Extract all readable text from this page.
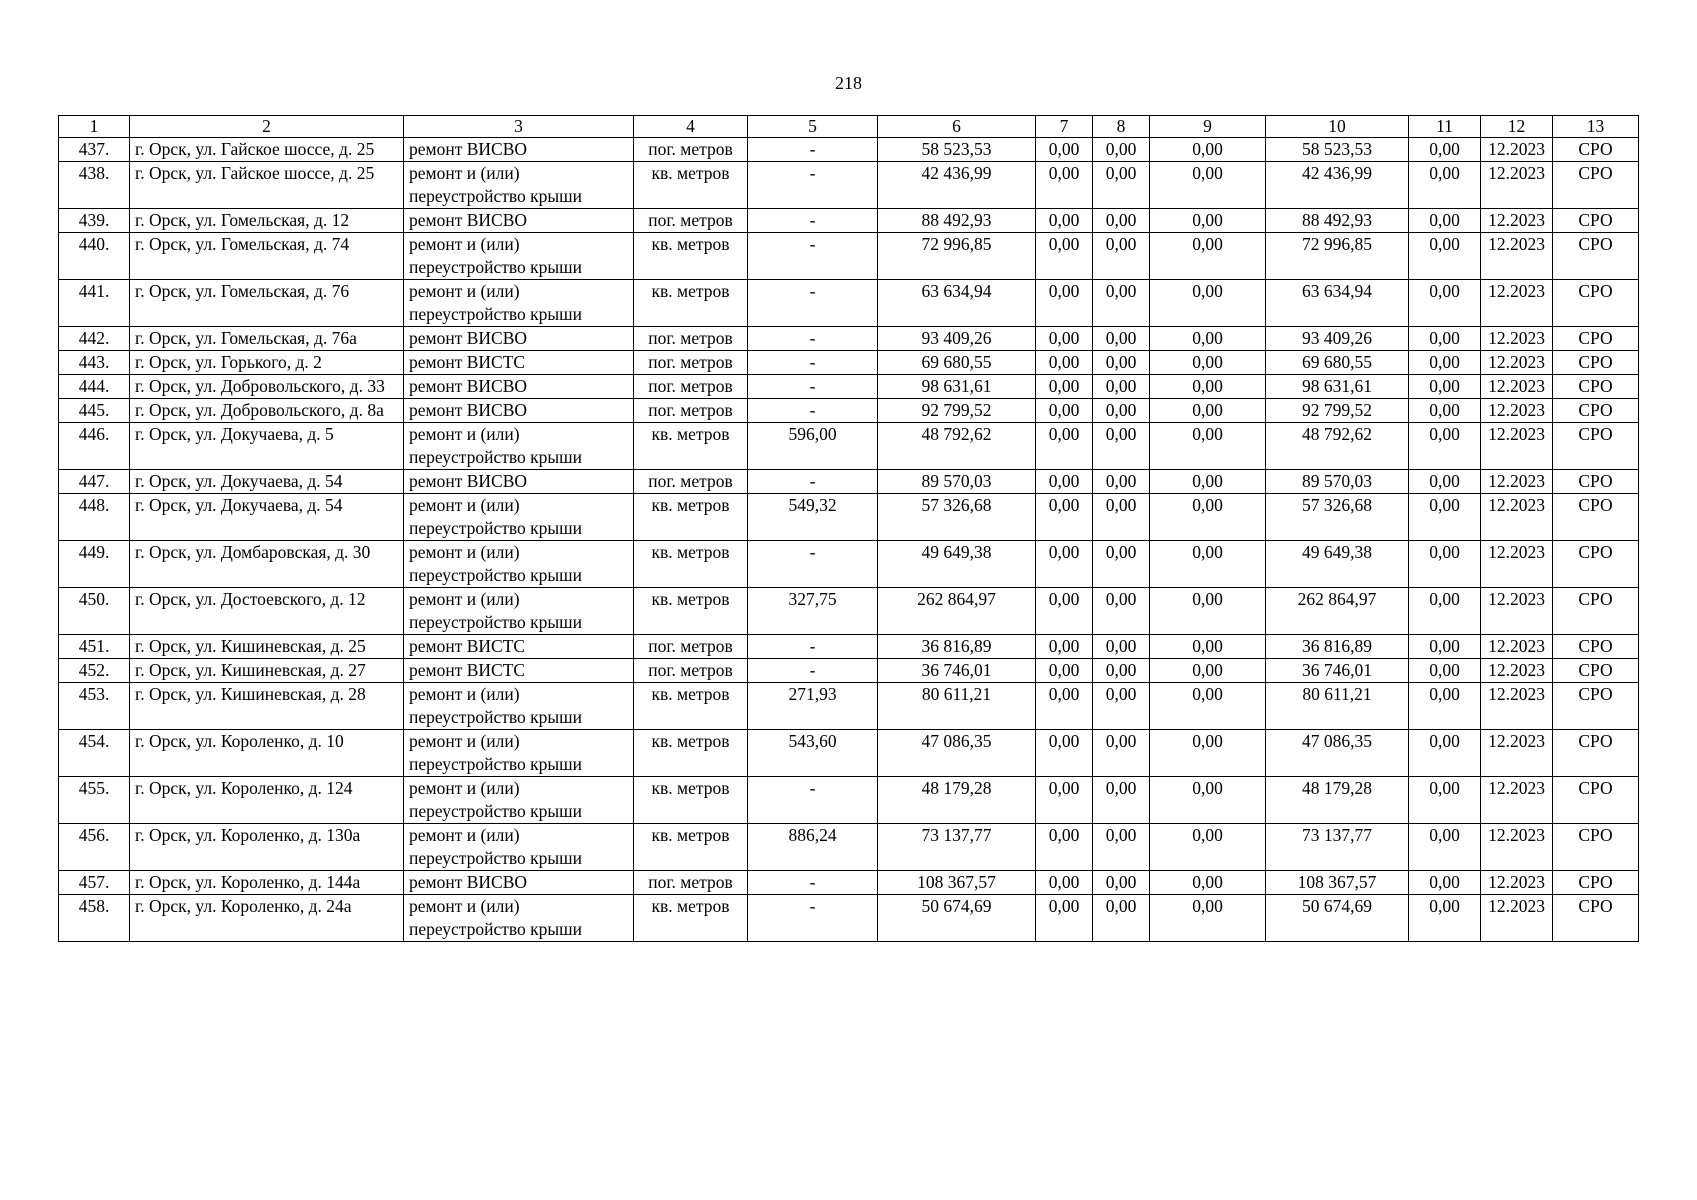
218
1	2	3	4	5	6	7	8	9	10	11	12	13
437.	г. Орск, ул. Гайское шоссе, д. 25	ремонт ВИСВО	пог. метров	-	58 523,53	0,00	0,00	0,00	58 523,53	0,00	12.2023	СРО
438.	г. Орск, ул. Гайское шоссе, д. 25	ремонт и (или) переустройство крыши	кв. метров	-	42 436,99	0,00	0,00	0,00	42 436,99	0,00	12.2023	СРО
439.	г. Орск, ул. Гомельская, д. 12	ремонт ВИСВО	пог. метров	-	88 492,93	0,00	0,00	0,00	88 492,93	0,00	12.2023	СРО
440.	г. Орск, ул. Гомельская, д. 74	ремонт и (или) переустройство крыши	кв. метров	-	72 996,85	0,00	0,00	0,00	72 996,85	0,00	12.2023	СРО
441.	г. Орск, ул. Гомельская, д. 76	ремонт и (или) переустройство крыши	кв. метров	-	63 634,94	0,00	0,00	0,00	63 634,94	0,00	12.2023	СРО
442.	г. Орск, ул. Гомельская, д. 76а	ремонт ВИСВО	пог. метров	-	93 409,26	0,00	0,00	0,00	93 409,26	0,00	12.2023	СРО
443.	г. Орск, ул. Горького, д. 2	ремонт ВИСТС	пог. метров	-	69 680,55	0,00	0,00	0,00	69 680,55	0,00	12.2023	СРО
444.	г. Орск, ул. Добровольского, д. 33	ремонт ВИСВО	пог. метров	-	98 631,61	0,00	0,00	0,00	98 631,61	0,00	12.2023	СРО
445.	г. Орск, ул. Добровольского, д. 8а	ремонт ВИСВО	пог. метров	-	92 799,52	0,00	0,00	0,00	92 799,52	0,00	12.2023	СРО
446.	г. Орск, ул. Докучаева, д. 5	ремонт и (или) переустройство крыши	кв. метров	596,00	48 792,62	0,00	0,00	0,00	48 792,62	0,00	12.2023	СРО
447.	г. Орск, ул. Докучаева, д. 54	ремонт ВИСВО	пог. метров	-	89 570,03	0,00	0,00	0,00	89 570,03	0,00	12.2023	СРО
448.	г. Орск, ул. Докучаева, д. 54	ремонт и (или) переустройство крыши	кв. метров	549,32	57 326,68	0,00	0,00	0,00	57 326,68	0,00	12.2023	СРО
449.	г. Орск, ул. Домбаровская, д. 30	ремонт и (или) переустройство крыши	кв. метров	-	49 649,38	0,00	0,00	0,00	49 649,38	0,00	12.2023	СРО
450.	г. Орск, ул. Достоевского, д. 12	ремонт и (или) переустройство крыши	кв. метров	327,75	262 864,97	0,00	0,00	0,00	262 864,97	0,00	12.2023	СРО
451.	г. Орск, ул. Кишиневская, д. 25	ремонт ВИСТС	пог. метров	-	36 816,89	0,00	0,00	0,00	36 816,89	0,00	12.2023	СРО
452.	г. Орск, ул. Кишиневская, д. 27	ремонт ВИСТС	пог. метров	-	36 746,01	0,00	0,00	0,00	36 746,01	0,00	12.2023	СРО
453.	г. Орск, ул. Кишиневская, д. 28	ремонт и (или) переустройство крыши	кв. метров	271,93	80 611,21	0,00	0,00	0,00	80 611,21	0,00	12.2023	СРО
454.	г. Орск, ул. Короленко, д. 10	ремонт и (или) переустройство крыши	кв. метров	543,60	47 086,35	0,00	0,00	0,00	47 086,35	0,00	12.2023	СРО
455.	г. Орск, ул. Короленко, д. 124	ремонт и (или) переустройство крыши	кв. метров	-	48 179,28	0,00	0,00	0,00	48 179,28	0,00	12.2023	СРО
456.	г. Орск, ул. Короленко, д. 130а	ремонт и (или) переустройство крыши	кв. метров	886,24	73 137,77	0,00	0,00	0,00	73 137,77	0,00	12.2023	СРО
457.	г. Орск, ул. Короленко, д. 144а	ремонт ВИСВО	пог. метров	-	108 367,57	0,00	0,00	0,00	108 367,57	0,00	12.2023	СРО
458.	г. Орск, ул. Короленко, д. 24а	ремонт и (или) переустройство крыши	кв. метров	-	50 674,69	0,00	0,00	0,00	50 674,69	0,00	12.2023	СРО
